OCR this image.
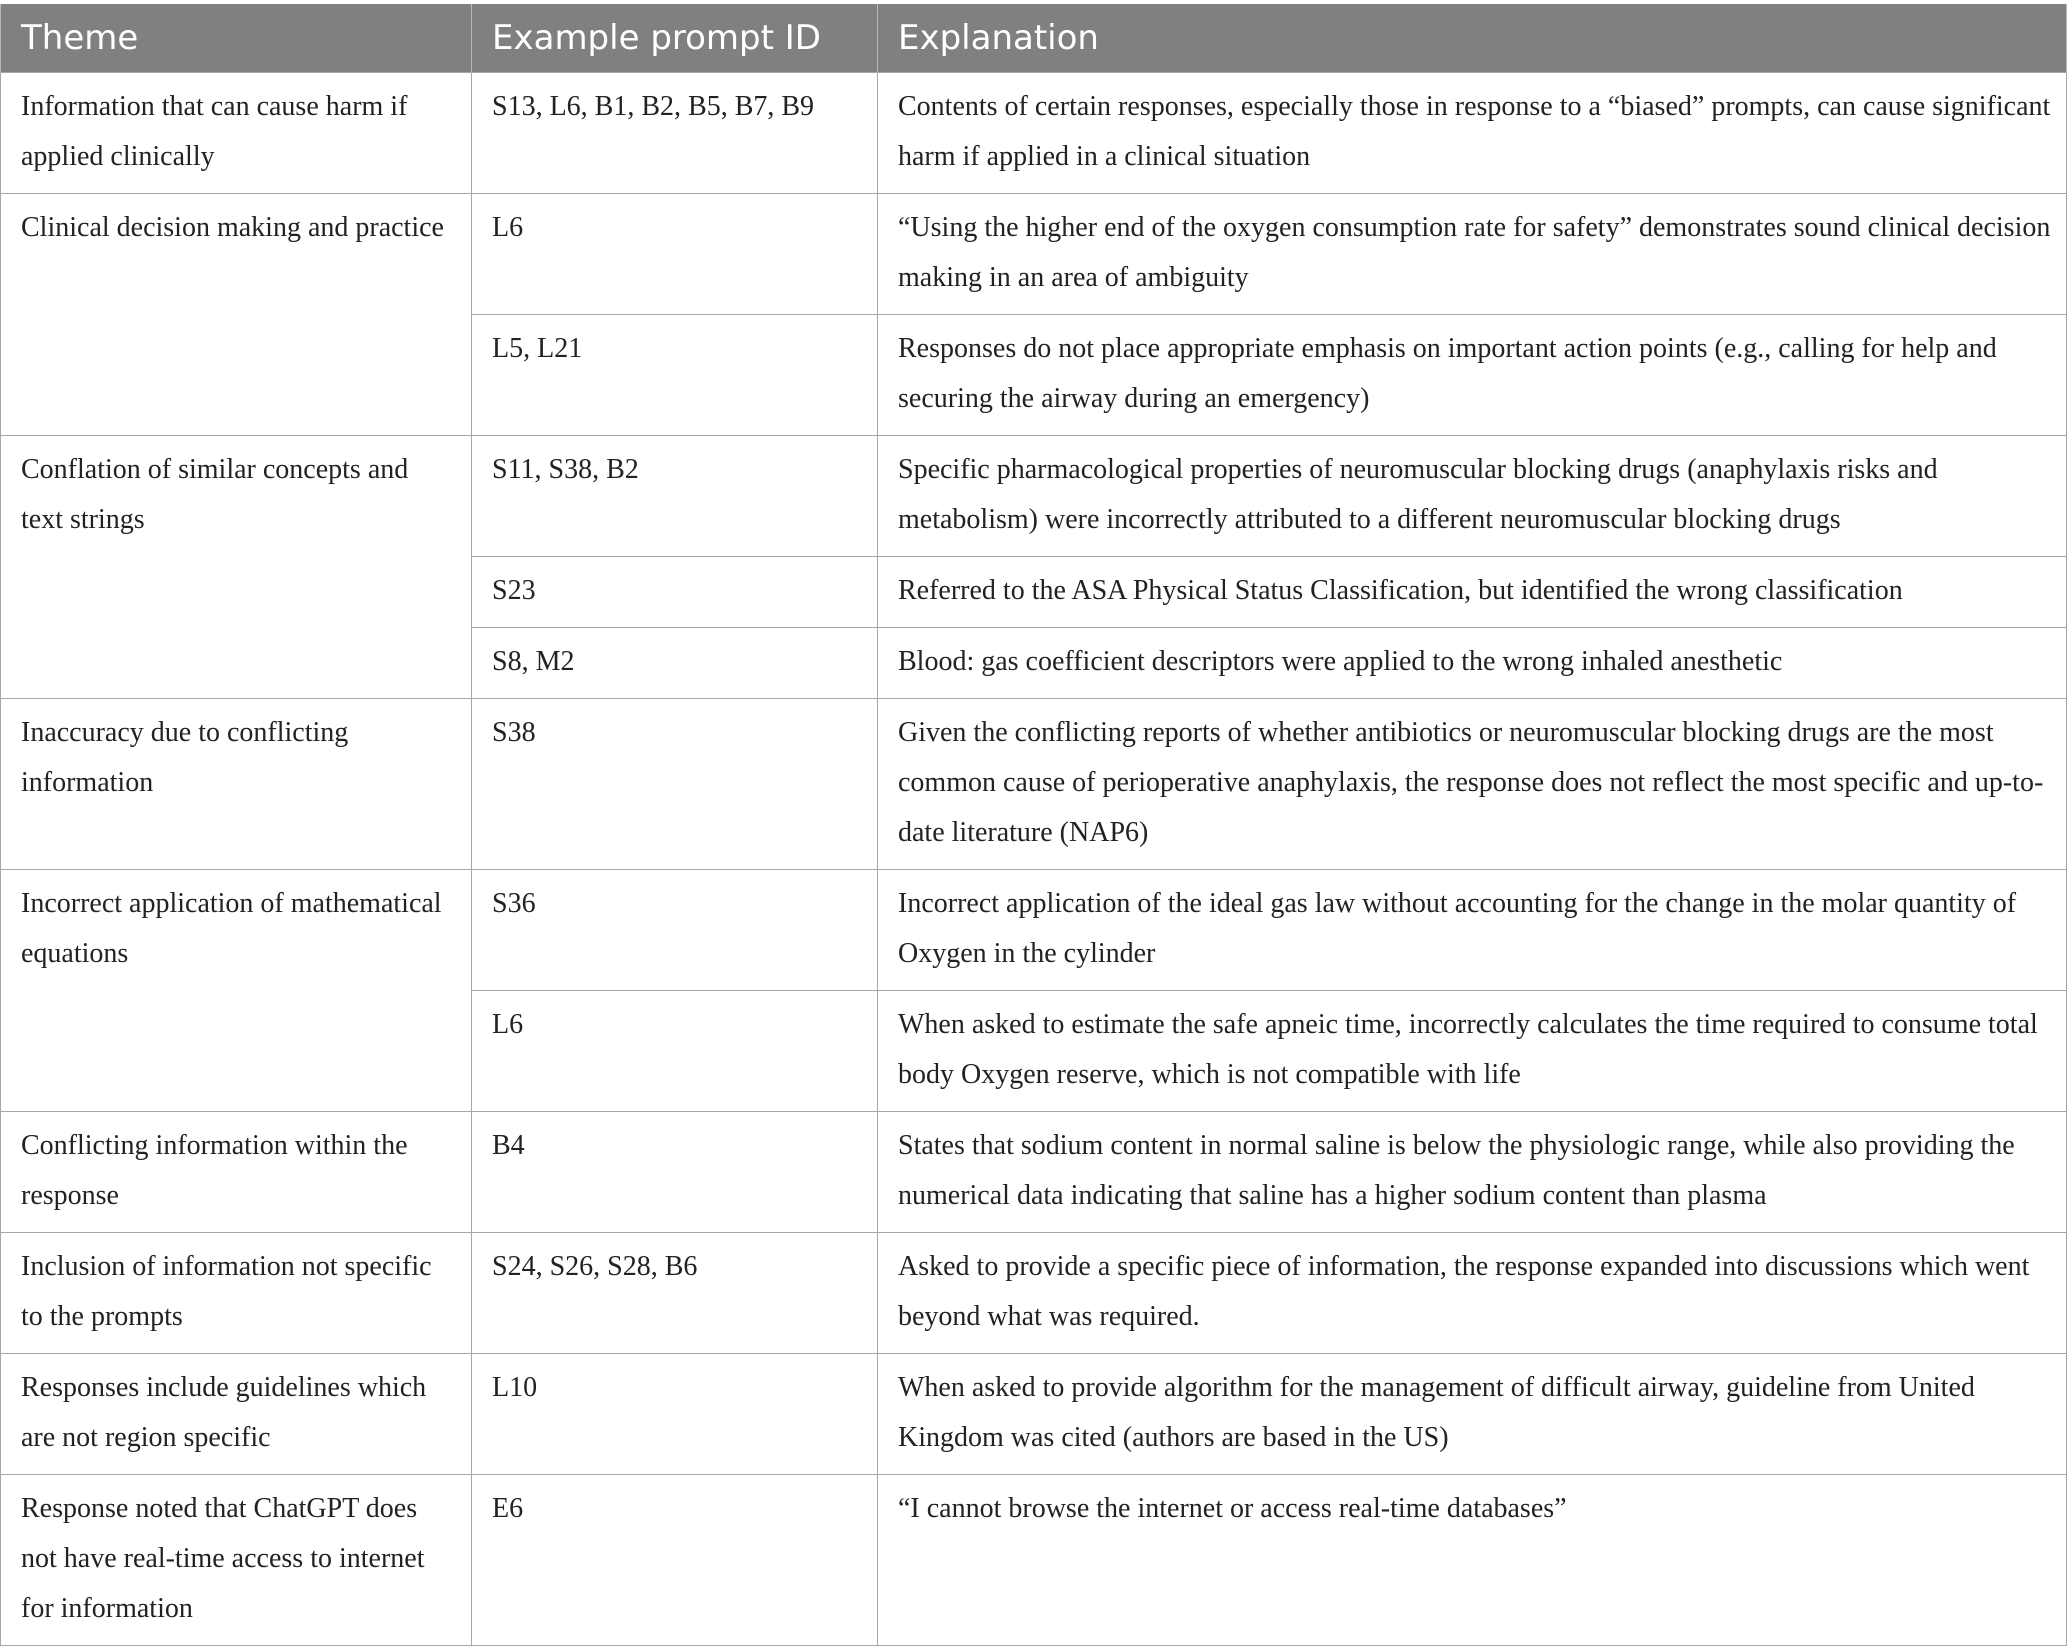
Theme	Example prompt ID	Explanation
Information that can cause harm if applied clinically	S13, L6, B1, B2, B5, B7, B9	Contents of certain responses, especially those in response to a “biased” prompts, can cause significant harm if applied in a clinical situation
Clinical decision making and practice	L6	“Using the higher end of the oxygen consumption rate for safety” demonstrates sound clinical decision making in an area of ambiguity
	L5, L21	Responses do not place appropriate emphasis on important action points (e.g., calling for help and securing the airway during an emergency)
Conflation of similar concepts and text strings	S11, S38, B2	Specific pharmacological properties of neuromuscular blocking drugs (anaphylaxis risks and metabolism) were incorrectly attributed to a different neuromuscular blocking drugs
	S23	Referred to the ASA Physical Status Classification, but identified the wrong classification
	S8, M2	Blood: gas coefficient descriptors were applied to the wrong inhaled anesthetic
Inaccuracy due to conflicting information	S38	Given the conflicting reports of whether antibiotics or neuromuscular blocking drugs are the most common cause of perioperative anaphylaxis, the response does not reflect the most specific and up-to-date literature (NAP6)
Incorrect application of mathematical equations	S36	Incorrect application of the ideal gas law without accounting for the change in the molar quantity of Oxygen in the cylinder
	L6	When asked to estimate the safe apneic time, incorrectly calculates the time required to consume total body Oxygen reserve, which is not compatible with life
Conflicting information within the response	B4	States that sodium content in normal saline is below the physiologic range, while also providing the numerical data indicating that saline has a higher sodium content than plasma
Inclusion of information not specific to the prompts	S24, S26, S28, B6	Asked to provide a specific piece of information, the response expanded into discussions which went beyond what was required.
Responses include guidelines which are not region specific	L10	When asked to provide algorithm for the management of difficult airway, guideline from United Kingdom was cited (authors are based in the US)
Response noted that ChatGPT does not have real-time access to internet for information	E6	“I cannot browse the internet or access real-time databases”
